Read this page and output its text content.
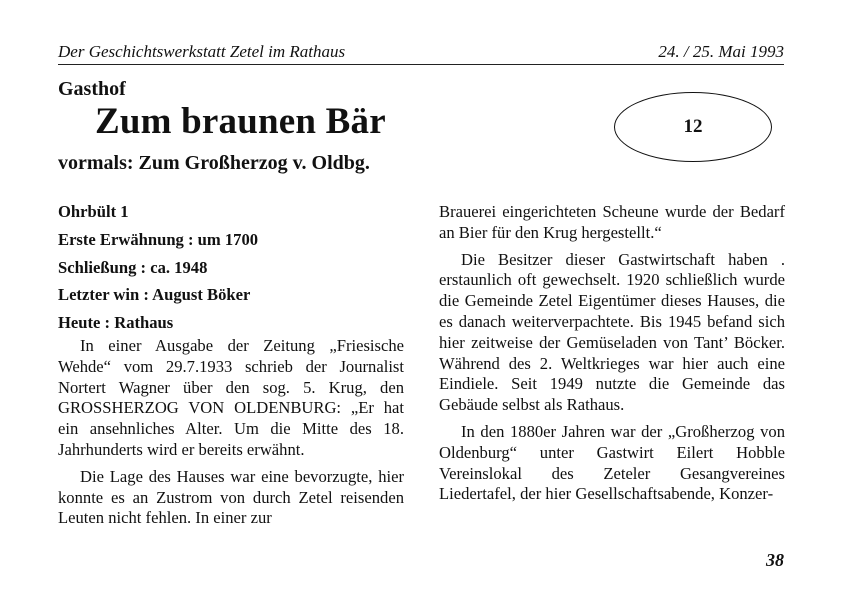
Der Geschichtswerkstatt Zetel im Rathaus	24. / 25. Mai 1993
Gasthof
Zum braunen Bär
vormals: Zum Großherzog v. Oldbg.
12
Ohrbült 1
Erste Erwähnung : um 1700
Schließung : ca. 1948
Letzter win : August Böker
Heute : Rathaus

In einer Ausgabe der Zeitung „Friesische Wehde“ vom 29.7.1933 schrieb der Journalist Nortert Wagner über den sog. 5. Krug, den GROSSHERZOG VON OLDENBURG: „Er hat ein ansehnliches Alter. Um die Mitte des 18. Jahrhunderts wird er bereits erwähnt.

Die Lage des Hauses war eine bevorzugte, hier konnte es an Zustrom von durch Zetel reisenden Leuten nicht fehlen. In einer zur

Brauerei eingerichteten Scheune wurde der Bedarf an Bier für den Krug hergestellt.“

Die Besitzer dieser Gastwirtschaft haben . erstaunlich oft gewechselt. 1920 schließlich wurde die Gemeinde Zetel Eigentümer dieses Hauses, die es danach weiterverpachtete. Bis 1945 befand sich hier zeitweise der Gemüseladen von Tant’ Böcker. Während des 2. Weltkrieges war hier auch eine Eindiele. Seit 1949 nutzte die Gemeinde das Gebäude selbst als Rathaus.

In den 1880er Jahren war der „Großherzog von Oldenburg“ unter Gastwirt Eilert Hobble Vereinslokal des Zeteler Gesangvereines Liedertafel, der hier Gesellschaftsabende, Konzer-

38
